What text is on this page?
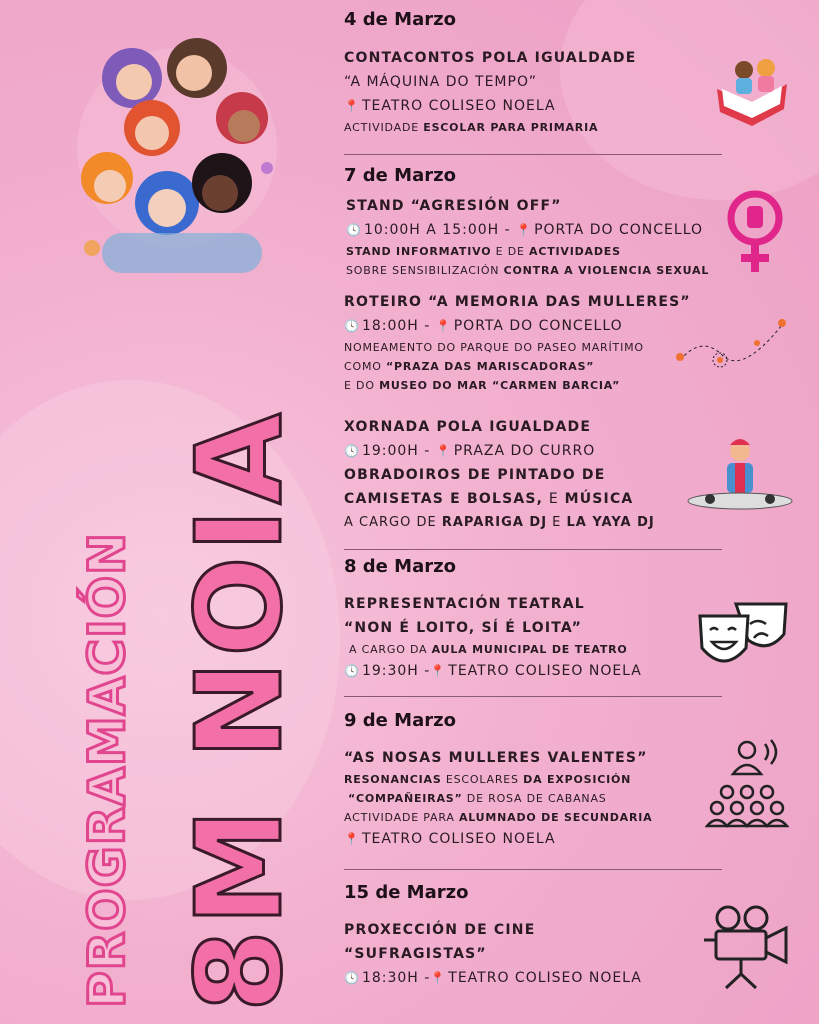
PROGRAMACIÓN 8M NOIA
4 de Marzo
CONTACONTOS POLA IGUALDADE
“A MÁQUINA DO TEMPO”
📍 TEATRO COLISEO NOELA
ACTIVIDADE ESCOLAR PARA PRIMARIA
7 de Marzo
STAND “AGRESIÓN OFF”
🕓 10:00H A 15:00H - 📍 PORTA DO CONCELLO
STAND INFORMATIVO E DE ACTIVIDADES
SOBRE SENSIBILIZACIÓN CONTRA A VIOLENCIA SEXUAL
ROTEIRO “A MEMORIA DAS MULLERES”
🕓 18:00H - 📍 PORTA DO CONCELLO
NOMEAMENTO DO PARQUE DO PASEO MARÍTIMO
COMO “PRAZA DAS MARISCADORAS”
E DO MUSEO DO MAR “CARMEN BARCIA”
XORNADA POLA IGUALDADE
🕓 19:00H - 📍 PRAZA DO CURRO
OBRADOIROS DE PINTADO DE
CAMISETAS E BOLSAS, E MÚSICA
A CARGO DE RAPARIGA DJ E LA YAYA DJ
8 de Marzo
REPRESENTACIÓN TEATRAL
“NON É LOITO, SÍ É LOITA”
A CARGO DA AULA MUNICIPAL DE TEATRO
🕓 19:30H -📍 TEATRO COLISEO NOELA
9 de Marzo
“AS NOSAS MULLERES VALENTES”
RESONANCIAS ESCOLARES DA EXPOSICIÓN
“COMPAÑEIRAS” DE ROSA DE CABANAS
ACTIVIDADE PARA ALUMNADO DE SECUNDARIA
📍 TEATRO COLISEO NOELA
15 de Marzo
PROXECCIÓN DE CINE
“SUFRAGISTAS”
🕓 18:30H -📍 TEATRO COLISEO NOELA
